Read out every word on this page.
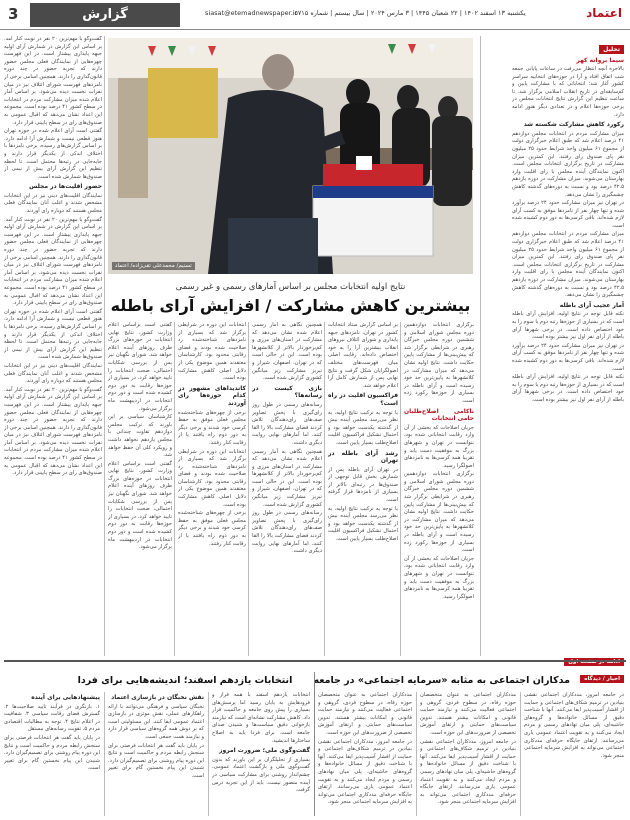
3	گزارش	siasat@etemadnewspaper.ir
یکشنبه ۱۳ اسفند ۱۴۰۲ | ۲۲ شعبان ۱۴۴۵ | ۳ مارس ۲۰۲۴ | سال بیستم | شماره ۵۷۱۵	اعتماد
تحلیل
سیما بروانه کهر

بالاخره آنچه انتظار می‌رفت در ساعات پایانی جمعه شب اتفاق افتاد و آرا در حوزه‌های انتخابیه سراسر کشور آغاز شد؛ انتخاباتی که با مشارکت پایین و کم‌سابقه‌ای در تاریخ انقلاب اسلامی برگزار شد. تا ساعت تنظیم این گزارش نتایج انتخابات مجلس در برخی حوزه‌ها اعلام و در تعدادی دیگر هنوز ادامه دارد.

رکورد کاهش مشارکت شکسته شد

میزان مشارکت مردم در انتخابات مجلس دوازدهم ۴۱ درصد اعلام شد که طبق اعلام خبرگزاری دولت از مجموع ۶۱ میلیون واجد شرایط حدود ۲۵ میلیون نفر پای صندوق رای رفتند. این کمترین میزان مشارکت در تاریخ برگزاری انتخابات مجلس است. اکنون نمایندگان آینده مجلس با رای اقلیت وارد بهارستان می‌شوند. میزان مشارکت در دوره یازدهم ۴۲.۵ درصد بود و نسبت به دوره‌های گذشته کاهش چشمگیری را نشان می‌دهد.

در تهران نیز میزان مشارکت حدود ۲۴ درصد برآورد شده و تنها چهار نفر از نامزدها موفق به کسب آرای لازم شده‌اند. باقی کرسی‌ها به دور دوم کشیده شده است.

میزان مشارکت مردم در انتخابات مجلس دوازدهم ۴۱ درصد اعلام شد که طبق اعلام خبرگزاری دولت از مجموع ۶۱ میلیون واجد شرایط حدود ۲۵ میلیون نفر پای صندوق رای رفتند. این کمترین میزان مشارکت در تاریخ برگزاری انتخابات مجلس است. اکنون نمایندگان آینده مجلس با رای اقلیت وارد بهارستان می‌شوند. میزان مشارکت در دوره یازدهم ۴۲.۵ درصد بود و نسبت به دوره‌های گذشته کاهش چشمگیری را نشان می‌دهد.

آمار عجیب آرای باطله

نکته قابل توجه در نتایج اولیه، افزایش آرای باطله است که در بسیاری از حوزه‌ها رتبه دوم یا سوم را به خود اختصاص داده است. در برخی شهرها آرای باطله از آرای نفر اول نیز بیشتر بوده است.

در تهران نیز میزان مشارکت حدود ۲۴ درصد برآورد شده و تنها چهار نفر از نامزدها موفق به کسب آرای لازم شده‌اند. باقی کرسی‌ها به دور دوم کشیده شده است.

نکته قابل توجه در نتایج اولیه، افزایش آرای باطله است که در بسیاری از حوزه‌ها رتبه دوم یا سوم را به خود اختصاص داده است. در برخی شهرها آرای باطله از آرای نفر اول نیز بیشتر بوده است.

ادامه در صفحه اول
تسنیم/ محمدعلی تقی‌زاده/ اعتماد
نتایج اولیه انتخابات مجلس بر اساس آمارهای رسمی و غیر رسمی
بیشترین کاهش مشارکت / افزایش آرای باطله

برگزاری انتخابات دوازدهمین دوره مجلس شورای اسلامی و ششمین دوره مجلس خبرگان رهبری در شرایطی برگزار شد که پیش‌بینی‌ها از مشارکت پایین حکایت داشت. نتایج اولیه نشان می‌دهد که میزان مشارکت در کلانشهرها به پایین‌ترین حد خود رسیده است و آرای باطله در بسیاری از حوزه‌ها رکورد زده است.

ناکامی اصلاح‌طلبان حامی انتخابات

جریان اصلاحات که بخشی از آن وارد رقابت انتخاباتی شده بود، نتوانست در تهران و شهرهای بزرگ به موفقیت دست یابد و تقریبا همه کرسی‌ها به نامزدهای اصولگرا رسید.

برگزاری انتخابات دوازدهمین دوره مجلس شورای اسلامی و ششمین دوره مجلس خبرگان رهبری در شرایطی برگزار شد که پیش‌بینی‌ها از مشارکت پایین حکایت داشت. نتایج اولیه نشان می‌دهد که میزان مشارکت در کلانشهرها به پایین‌ترین حد خود رسیده است و آرای باطله در بسیاری از حوزه‌ها رکورد زده است.

جریان اصلاحات که بخشی از آن وارد رقابت انتخاباتی شده بود، نتوانست در تهران و شهرهای بزرگ به موفقیت دست یابد و تقریبا همه کرسی‌ها به نامزدهای اصولگرا رسید.

بر اساس گزارش ستاد انتخابات کشور در تهران، نامزدهای جبهه پایداری و شورای ائتلاف نیروهای انقلاب بیشترین آرا را به خود اختصاص داده‌اند. رقابت اصلی میان فهرست‌های مختلف اصولگرایان شکل گرفت و نتایج نهایی پس از شمارش کامل آرا اعلام خواهد شد.

فراکسیون اقلیت در راه است؟

با توجه به ترکیب نتایج اولیه، به نظر می‌رسد مجلس آینده بیش از گذشته یکدست خواهد بود و احتمال تشکیل فراکسیون اقلیت اصلاح‌طلب بسیار پایین است.

رشد آرای باطله در تهران

در تهران آرای باطله پس از شمارش بخش قابل توجهی از صندوق‌ها در رتبه‌ای بالاتر از بسیاری از نامزدها قرار گرفته است.

با توجه به ترکیب نتایج اولیه، به نظر می‌رسد مجلس آینده بیش از گذشته یکدست خواهد بود و احتمال تشکیل فراکسیون اقلیت اصلاح‌طلب بسیار پایین است.

همچنین نگاهی به آمار رسمی اعلام شده نشان می‌دهد که مشارکت در استان‌های مرزی و کم‌برخوردار بالاتر از کلانشهرها بوده است. این در حالی است که در تهران، اصفهان، شیراز و تبریز مشارکت زیر میانگین کشوری گزارش شده است.

بازی کیست در رسانه‌ها؟

رسانه‌های رسمی در طول روز رای‌گیری با پخش تصاویر صف‌های رای‌دهندگان تلاش کردند فضای مشارکت بالا را القا کنند، اما آمارهای نهایی روایت دیگری داشت.

همچنین نگاهی به آمار رسمی اعلام شده نشان می‌دهد که مشارکت در استان‌های مرزی و کم‌برخوردار بالاتر از کلانشهرها بوده است. این در حالی است که در تهران، اصفهان، شیراز و تبریز مشارکت زیر میانگین کشوری گزارش شده است.

رسانه‌های رسمی در طول روز رای‌گیری با پخش تصاویر صف‌های رای‌دهندگان تلاش کردند فضای مشارکت بالا را القا کنند، اما آمارهای نهایی روایت دیگری داشت.

انتخابات این دوره در شرایطی برگزار شد که بسیاری از نامزدهای شناخته‌شده رد صلاحیت شده بودند و فضای رقابتی محدود بود. کارشناسان معتقدند همین موضوع یکی از دلایل اصلی کاهش مشارکت بوده است.

کاندیداهای مشهور در کدام حوزه‌ها رای آوردند

برخی از چهره‌های شناخته‌شده مجلس فعلی موفق به حفظ کرسی خود شدند و برخی دیگر به دور دوم راه یافتند یا از رقابت کنار رفتند.

انتخابات این دوره در شرایطی برگزار شد که بسیاری از نامزدهای شناخته‌شده رد صلاحیت شده بودند و فضای رقابتی محدود بود. کارشناسان معتقدند همین موضوع یکی از دلایل اصلی کاهش مشارکت بوده است.

برخی از چهره‌های شناخته‌شده مجلس فعلی موفق به حفظ کرسی خود شدند و برخی دیگر به دور دوم راه یافتند یا از رقابت کنار رفتند.

گفتنی است براساس اعلام وزارت کشور، نتایج نهایی انتخابات در حوزه‌های بزرگ ظرف روزهای آینده اعلام خواهد شد. شورای نگهبان نیز پس از بررسی شکایات احتمالی، صحت انتخابات را تایید خواهد کرد. در بسیاری از حوزه‌ها رقابت به دور دوم کشیده شده است و دور دوم انتخابات در اردیبهشت ماه برگزار می‌شود.

کارشناسان سیاسی بر این باورند که ترکیب مجلس دوازدهم تفاوت چندانی با مجلس یازدهم نخواهد داشت و رویکرد کلی آن حفظ خواهد شد.

گفتنی است براساس اعلام وزارت کشور، نتایج نهایی انتخابات در حوزه‌های بزرگ ظرف روزهای آینده اعلام خواهد شد. شورای نگهبان نیز پس از بررسی شکایات احتمالی، صحت انتخابات را تایید خواهد کرد. در بسیاری از حوزه‌ها رقابت به دور دوم کشیده شده است و دور دوم انتخابات در اردیبهشت ماه برگزار می‌شود.

گفت‌وگو با مهم‌ترین ۲۰ نفر در نوبت کنار آمد. بر اساس این گزارش در شمارش آرای اولیه جبهه پایداری پیشتاز است. در این فهرست چهره‌هایی از نمایندگان فعلی مجلس حضور دارند که تجربه حضور در چند دوره قانون‌گذاری را دارند. همچنین اسامی برخی از نامزدهای فهرست شورای ائتلاف نیز در میان نفرات نخست دیده می‌شود. بر اساس آمار اعلام شده میزان مشارکت مردم در انتخابات در سطح کشور ۴۱ درصد بوده است. مجموعه این اعداد نشان می‌دهد که اقبال عمومی به صندوق‌های رای در سطح پایینی قرار دارد.

گفتنی است آرای اعلام شده در حوزه تهران هنوز قطعی نیست و شمارش آرا ادامه دارد. بر اساس گزارش‌های رسیده، برخی نامزدها با اختلاف اندکی از یکدیگر قرار دارند و جابه‌جایی در رتبه‌ها محتمل است. تا لحظه تنظیم این گزارش آرای بیش از نیمی از صندوق‌ها شمارش شده است.

حضور اقلیت‌ها در مجلس

نمایندگان اقلیت‌های دینی نیز در این انتخابات مشخص شدند و اغلب آنان نمایندگان فعلی مجلس هستند که دوباره رای آوردند.

گفت‌وگو با مهم‌ترین ۲۰ نفر در نوبت کنار آمد. بر اساس این گزارش در شمارش آرای اولیه جبهه پایداری پیشتاز است. در این فهرست چهره‌هایی از نمایندگان فعلی مجلس حضور دارند که تجربه حضور در چند دوره قانون‌گذاری را دارند. همچنین اسامی برخی از نامزدهای فهرست شورای ائتلاف نیز در میان نفرات نخست دیده می‌شود. بر اساس آمار اعلام شده میزان مشارکت مردم در انتخابات در سطح کشور ۴۱ درصد بوده است. مجموعه این اعداد نشان می‌دهد که اقبال عمومی به صندوق‌های رای در سطح پایینی قرار دارد.

گفتنی است آرای اعلام شده در حوزه تهران هنوز قطعی نیست و شمارش آرا ادامه دارد. بر اساس گزارش‌های رسیده، برخی نامزدها با اختلاف اندکی از یکدیگر قرار دارند و جابه‌جایی در رتبه‌ها محتمل است. تا لحظه تنظیم این گزارش آرای بیش از نیمی از صندوق‌ها شمارش شده است.

نمایندگان اقلیت‌های دینی نیز در این انتخابات مشخص شدند و اغلب آنان نمایندگان فعلی مجلس هستند که دوباره رای آوردند.

گفت‌وگو با مهم‌ترین ۲۰ نفر در نوبت کنار آمد. بر اساس این گزارش در شمارش آرای اولیه جبهه پایداری پیشتاز است. در این فهرست چهره‌هایی از نمایندگان فعلی مجلس حضور دارند که تجربه حضور در چند دوره قانون‌گذاری را دارند. همچنین اسامی برخی از نامزدهای فهرست شورای ائتلاف نیز در میان نفرات نخست دیده می‌شود. بر اساس آمار اعلام شده میزان مشارکت مردم در انتخابات در سطح کشور ۴۱ درصد بوده است. مجموعه این اعداد نشان می‌دهد که اقبال عمومی به صندوق‌های رای در سطح پایینی قرار دارد.

اخبار / دیدگاه
مدکاران اجتماعی به مثابه «سرمایه اجتماعی» در جامعه
انتخابات یازدهم اسفند؛ اندیشه‌هایی برای فردا

در جامعه امروز، مددکاران اجتماعی نقشی بنیادین در ترمیم شکاف‌های اجتماعی و حمایت از اقشار آسیب‌پذیر ایفا می‌کنند. آنها با شناخت دقیق از مسائل خانواده‌ها و گروه‌های حاشیه‌ای، پلی میان نهادهای رسمی و مردم ایجاد می‌کنند و به تقویت اعتماد عمومی یاری می‌رسانند. ارتقای جایگاه حرفه‌ای مددکاری اجتماعی می‌تواند به افزایش سرمایه اجتماعی منجر شود.

مددکاران اجتماعی به عنوان متخصصان حوزه رفاه، در سطوح فردی، گروهی و اجتماعی فعالیت می‌کنند و نیازمند حمایت قانونی و امکانات بیشتر هستند. تدوین سیاست‌های حمایتی و ارتقای آموزش تخصصی از ضرورت‌های این حوزه است.

در جامعه امروز، مددکاران اجتماعی نقشی بنیادین در ترمیم شکاف‌های اجتماعی و حمایت از اقشار آسیب‌پذیر ایفا می‌کنند. آنها با شناخت دقیق از مسائل خانواده‌ها و گروه‌های حاشیه‌ای، پلی میان نهادهای رسمی و مردم ایجاد می‌کنند و به تقویت اعتماد عمومی یاری می‌رسانند. ارتقای جایگاه حرفه‌ای مددکاری اجتماعی می‌تواند به افزایش سرمایه اجتماعی منجر شود.

مددکاران اجتماعی به عنوان متخصصان حوزه رفاه، در سطوح فردی، گروهی و اجتماعی فعالیت می‌کنند و نیازمند حمایت قانونی و امکانات بیشتر هستند. تدوین سیاست‌های حمایتی و ارتقای آموزش تخصصی از ضرورت‌های این حوزه است.

در جامعه امروز، مددکاران اجتماعی نقشی بنیادین در ترمیم شکاف‌های اجتماعی و حمایت از اقشار آسیب‌پذیر ایفا می‌کنند. آنها با شناخت دقیق از مسائل خانواده‌ها و گروه‌های حاشیه‌ای، پلی میان نهادهای رسمی و مردم ایجاد می‌کنند و به تقویت اعتماد عمومی یاری می‌رسانند. ارتقای جایگاه حرفه‌ای مددکاری اجتماعی می‌تواند به افزایش سرمایه اجتماعی منجر شود.

انتخابات یازدهم اسفند با همه فراز و فرودهایش به پایان رسید اما پرسش‌های بسیاری را پیش روی جامعه و حاکمیت قرار داد. کاهش مشارکت نشانه‌ای است که نیازمند بازخوانی دقیق سیاست‌ها و شنیدن صدای جامعه است. برای فردا باید به اصلاح ساختارها اندیشید.

گفت‌وگوی ملی؛ ضرورت امروز

بسیاری از تحلیلگران بر این باورند که بدون گفت‌وگوی ملی و بازگشت اعتماد عمومی، چشم‌انداز روشنی برای مشارکت سیاسی در آینده متصور نیست. باید از این تجربه درس گرفت.

نقش نخبگان در بازسازی اعتماد

نخبگان سیاسی و فرهنگی می‌توانند با ارائه راهکارهای عملی، نقش موثری در بازسازی اعتماد عمومی ایفا کنند. این مسئولیتی است که بر دوش همه گروه‌های سیاسی قرار دارد و نیازمند همت جمعی است.

در پایان باید گفت هر انتخابات فرصتی برای سنجش رابطه مردم و حاکمیت است و نتایج این دوره پیام روشنی برای تصمیم‌گیران دارد. شنیدن این پیام نخستین گام برای تغییر است.

پیشنهادهایی برای آینده

۱. بازنگری در فرآیند تایید صلاحیت‌ها ۲. گسترش فضای رقابت سیاسی ۳. شفافیت در اعلام نتایج ۴. توجه به مطالبات اقتصادی مردم ۵. تقویت رسانه‌های مستقل

در پایان باید گفت هر انتخابات فرصتی برای سنجش رابطه مردم و حاکمیت است و نتایج این دوره پیام روشنی برای تصمیم‌گیران دارد. شنیدن این پیام نخستین گام برای تغییر است.
